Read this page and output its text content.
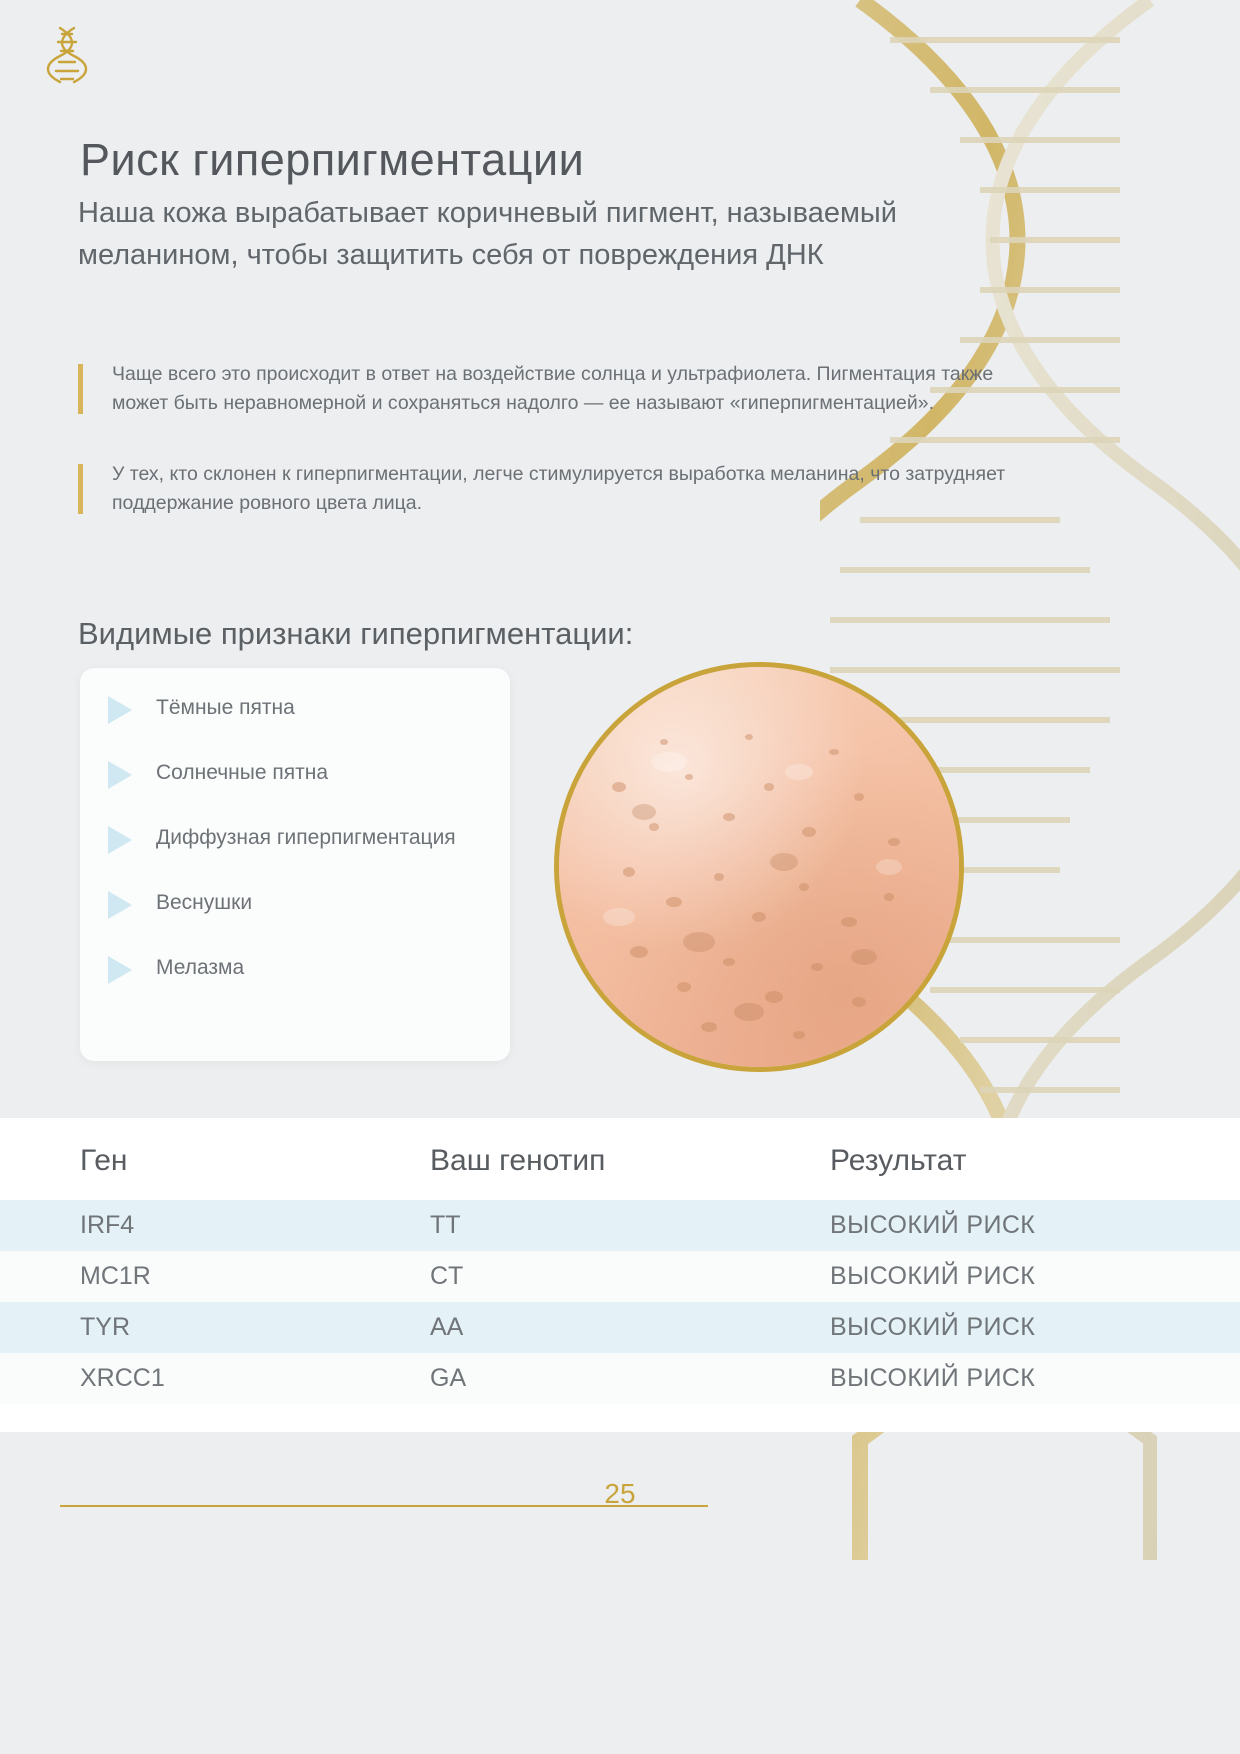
Риск гиперпигментации
Наша кожа вырабатывает коричневый пигмент, называемый меланином, чтобы защитить себя от повреждения ДНК

Чаще всего это происходит в ответ на воздействие солнца и ультрафиолета. Пигментация также может быть неравномерной и сохраняться надолго — ее называют «гиперпигментацией».

У тех, кто склонен к гиперпигментации, легче стимулируется выработка меланина, что затрудняет поддержание ровного цвета лица.

Видимые признаки гиперпигментации:
Тёмные пятна
Солнечные пятна
Диффузная гиперпигментация
Веснушки
Мелазма
Ген	Ваш генотип	Результат
IRF4	TT	ВЫСОКИЙ РИСК
MC1R	CT	ВЫСОКИЙ РИСК
TYR	AA	ВЫСОКИЙ РИСК
XRCC1	GA	ВЫСОКИЙ РИСК
25
